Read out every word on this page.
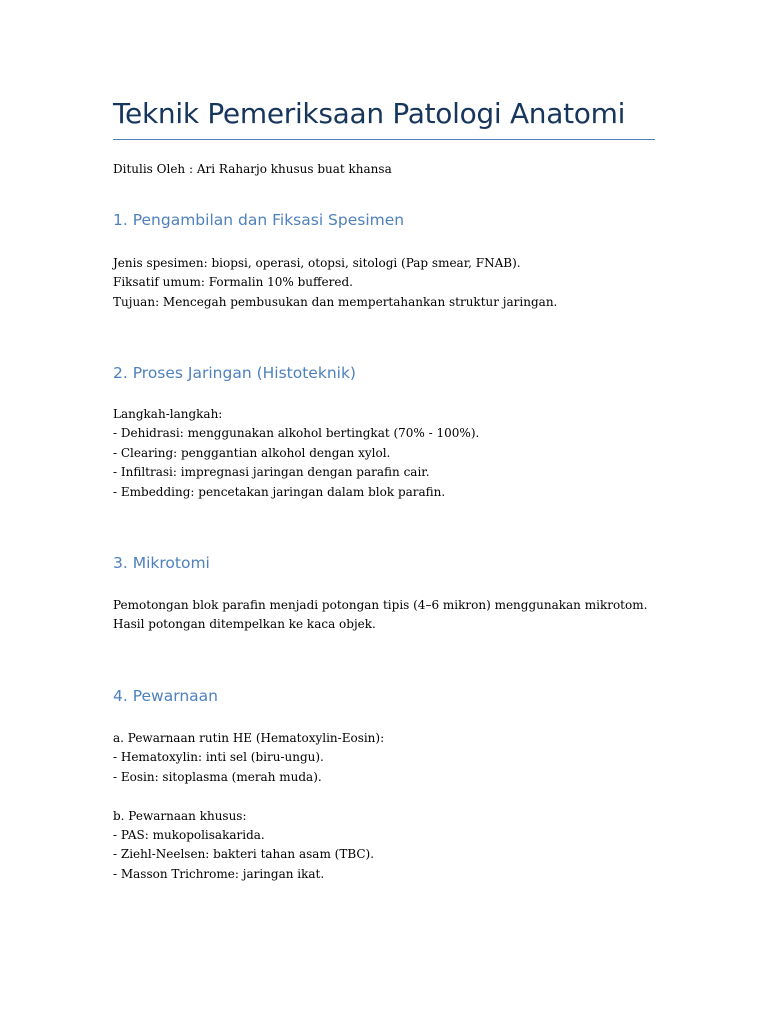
Teknik Pemeriksaan Patologi Anatomi

Ditulis Oleh : Ari Raharjo khusus buat khansa

1. Pengambilan dan Fiksasi Spesimen
Jenis spesimen: biopsi, operasi, otopsi, sitologi (Pap smear, FNAB).
Fiksatif umum: Formalin 10% buffered.
Tujuan: Mencegah pembusukan dan mempertahankan struktur jaringan.
2. Proses Jaringan (Histoteknik)
Langkah-langkah:
- Dehidrasi: menggunakan alkohol bertingkat (70% - 100%).
- Clearing: penggantian alkohol dengan xylol.
- Infiltrasi: impregnasi jaringan dengan parafin cair.
- Embedding: pencetakan jaringan dalam blok parafin.
3. Mikrotomi
Pemotongan blok parafin menjadi potongan tipis (4–6 mikron) menggunakan mikrotom.
Hasil potongan ditempelkan ke kaca objek.
4. Pewarnaan
a. Pewarnaan rutin HE (Hematoxylin-Eosin):
- Hematoxylin: inti sel (biru-ungu).
- Eosin: sitoplasma (merah muda).
b. Pewarnaan khusus:
- PAS: mukopolisakarida.
- Ziehl-Neelsen: bakteri tahan asam (TBC).
- Masson Trichrome: jaringan ikat.
